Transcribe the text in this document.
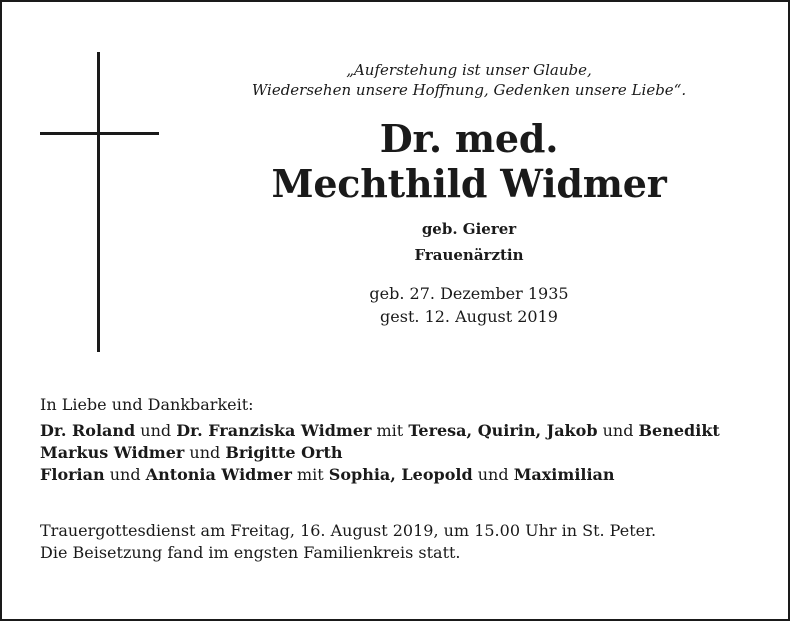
„Auferstehung ist unser Glaube,
Wiedersehen unsere Hoffnung, Gedenken unsere Liebe“.
Dr. med.
Mechthild Widmer
geb. Gierer
Frauenärztin
geb. 27. Dezember 1935
gest. 12. August 2019
In Liebe und Dankbarkeit:
Dr. Roland und Dr. Franziska Widmer mit Teresa, Quirin, Jakob und Benedikt
Markus Widmer und Brigitte Orth
Florian und Antonia Widmer mit Sophia, Leopold und Maximilian
Trauergottesdienst am Freitag, 16. August 2019, um 15.00 Uhr in St. Peter.
Die Beisetzung fand im engsten Familienkreis statt.
